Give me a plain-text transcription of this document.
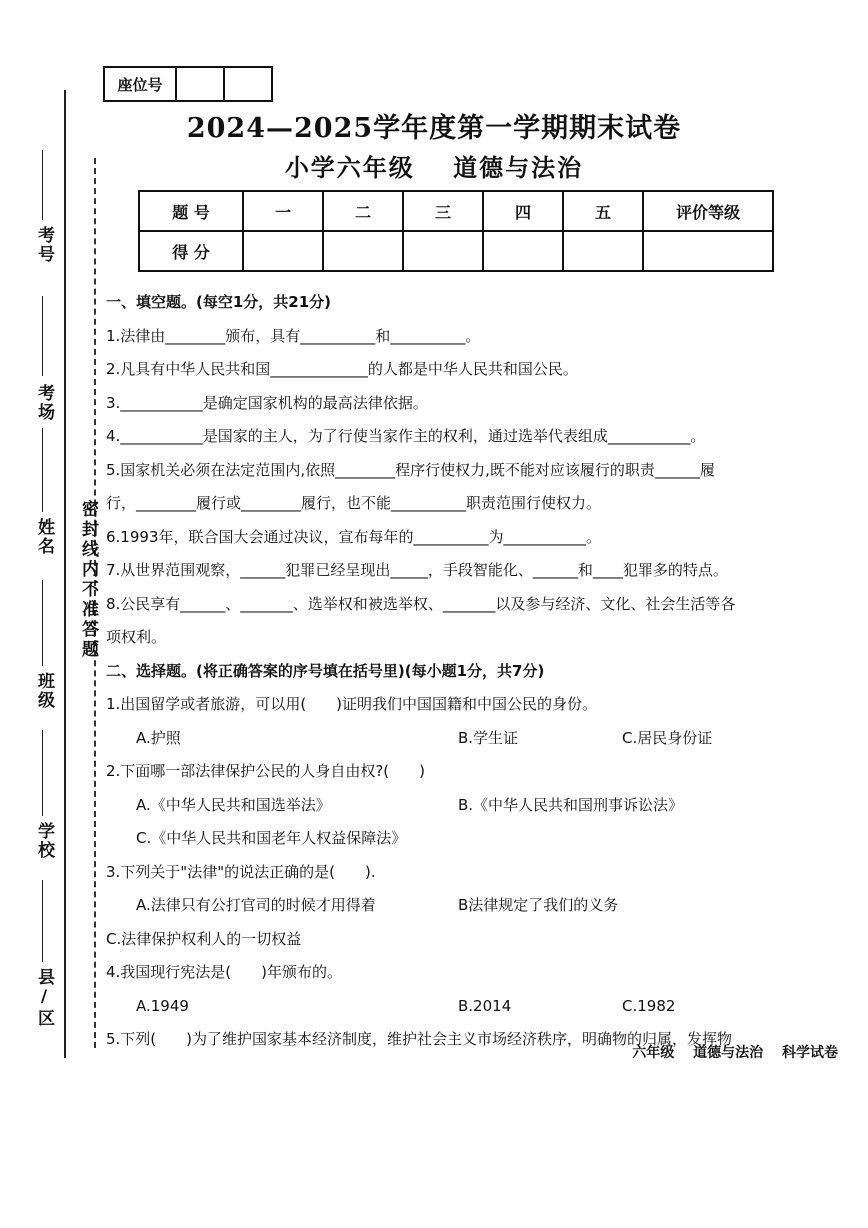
考号
考场
姓名
班级
学校
县/区
密封线内不准答题
座位号		
2024—2025学年度第一学期期末试卷
小学六年级 道德与法治
题 号	一	二	三	四	五	评价等级
得 分						
一、填空题。(每空1分，共21分)
1.法律由________颁布，具有__________和__________。
2.凡具有中华人民共和国_____________的人都是中华人民共和国公民。
3.___________是确定国家机构的最高法律依据。
4.___________是国家的主人，为了行使当家作主的权利，通过选举代表组成___________。
5.国家机关必须在法定范围内,依照________程序行使权力,既不能对应该履行的职责______履
行，________履行或________履行，也不能__________职责范围行使权力。
6.1993年，联合国大会通过决议，宣布每年的__________为___________。
7.从世界范围观察，______犯罪已经呈现出_____，手段智能化、______和____犯罪多的特点。
8.公民享有______、_______、选举权和被选举权、_______以及参与经济、文化、社会生活等各
项权利。
二、选择题。(将正确答案的序号填在括号里)(每小题1分，共7分)
1.出国留学或者旅游，可以用(　　)证明我们中国国籍和中国公民的身份。
A.护照	B.学生证	C.居民身份证
2.下面哪一部法律保护公民的人身自由权?(　　)
A.《中华人民共和国选举法》	B.《中华人民共和国刑事诉讼法》
C.《中华人民共和国老年人权益保障法》
3.下列关于"法律"的说法正确的是(　　).
A.法律只有公打官司的时候才用得着	B法律规定了我们的义务
C.法律保护权利人的一切权益
4.我国现行宪法是(　　)年颁布的。
A.1949	B.2014	C.1982
5.下列(　　)为了维护国家基本经济制度，维护社会主义市场经济秩序，明确物的归属，发挥物
六年级 道德与法治 科学试卷
